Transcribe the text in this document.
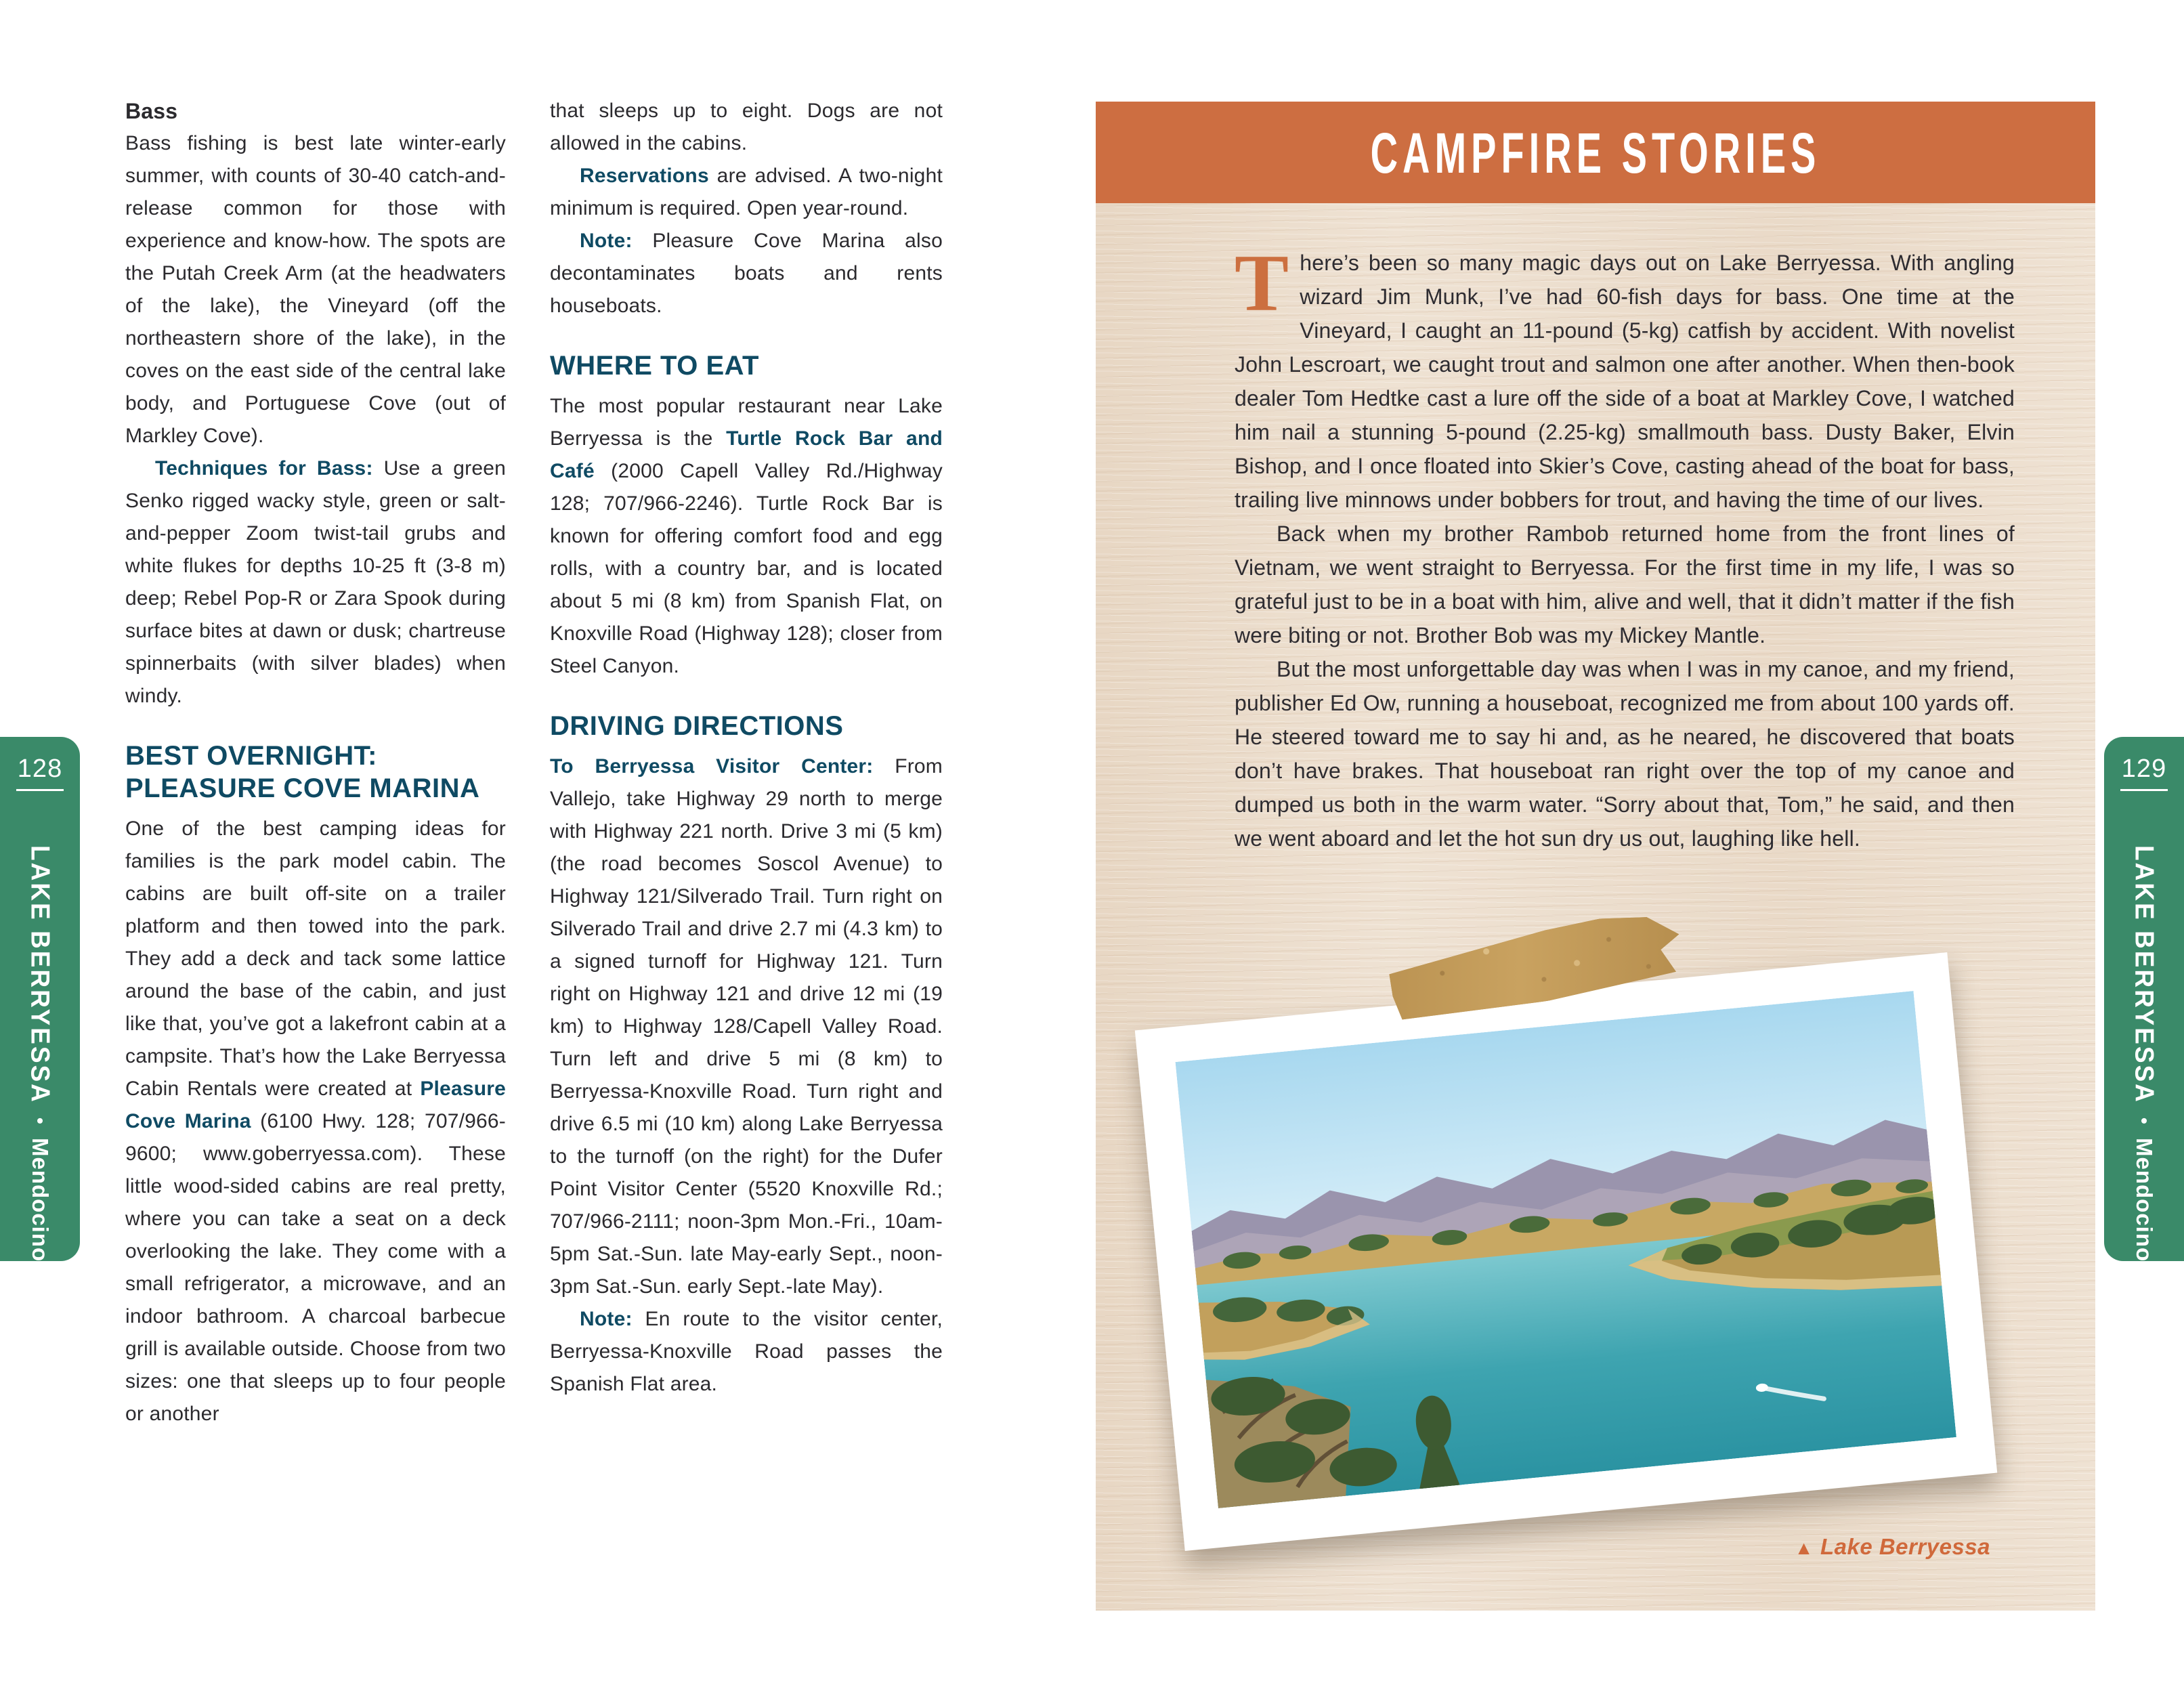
128
LAKE BERRYESSA
•
Mendocino
129
LAKE BERRYESSA
•
Mendocino
Bass

Bass fishing is best late winter-early summer, with counts of 30-40 catch-and-release common for those with experience and know-how. The spots are the Putah Creek Arm (at the headwaters of the lake), the Vineyard (off the northeastern shore of the lake), in the coves on the east side of the central lake body, and Portuguese Cove (out of Markley Cove).

Techniques for Bass: Use a green Senko rigged wacky style, green or salt-and-pepper Zoom twist-tail grubs and white flukes for depths 10-25 ft (3-8 m) deep; Rebel Pop-R or Zara Spook during surface bites at dawn or dusk; chartreuse spinnerbaits (with silver blades) when windy.

BEST OVERNIGHT: PLEASURE COVE MARINA

One of the best camping ideas for families is the park model cabin. The cabins are built off-site on a trailer platform and then towed into the park. They add a deck and tack some lattice around the base of the cabin, and just like that, you’ve got a lakefront cabin at a campsite. That’s how the Lake Berryessa Cabin Rentals were created at Pleasure Cove Marina (6100 Hwy. 128; 707/966-9600; www.goberryessa.com). These little wood-sided cabins are real pretty, where you can take a seat on a deck overlooking the lake. They come with a small refrigerator, a microwave, and an indoor bathroom. A charcoal barbecue grill is available outside. Choose from two sizes: one that sleeps up to four people or another

that sleeps up to eight. Dogs are not allowed in the cabins.

Reservations are advised. A two-night minimum is required. Open year-round.

Note: Pleasure Cove Marina also decontaminates boats and rents houseboats.

WHERE TO EAT

The most popular restaurant near Lake Berryessa is the Turtle Rock Bar and Café (2000 Capell Valley Rd./Highway 128; 707/966-2246). Turtle Rock Bar is known for offering comfort food and egg rolls, with a country bar, and is located about 5 mi (8 km) from Spanish Flat, on Knoxville Road (Highway 128); closer from Steel Canyon.

DRIVING DIRECTIONS

To Berryessa Visitor Center: From Vallejo, take Highway 29 north to merge with Highway 221 north. Drive 3 mi (5 km) (the road becomes Soscol Avenue) to Highway 121/Silverado Trail. Turn right on Silverado Trail and drive 2.7 mi (4.3 km) to a signed turnoff for Highway 121. Turn right on Highway 121 and drive 12 mi (19 km) to Highway 128/Capell Valley Road. Turn left and drive 5 mi (8 km) to Berryessa-Knoxville Road. Turn right and drive 6.5 mi (10 km) along Lake Berryessa to the turnoff (on the right) for the Dufer Point Visitor Center (5520 Knoxville Rd.; 707/966-2111; noon-3pm Mon.-Fri., 10am-5pm Sat.-Sun. late May-early Sept., noon-3pm Sat.-Sun. early Sept.-late May).

Note: En route to the visitor center, Berryessa-Knoxville Road passes the Spanish Flat area.

CAMPFIRE STORIES

There’s been so many magic days out on Lake Berryessa. With angling wizard Jim Munk, I’ve had 60-fish days for bass. One time at the Vineyard, I caught an 11-pound (5-kg) catfish by accident. With novelist John Lescroart, we caught trout and salmon one after another. When then-book dealer Tom Hedtke cast a lure off the side of a boat at Markley Cove, I watched him nail a stunning 5-pound (2.25-kg) smallmouth bass. Dusty Baker, Elvin Bishop, and I once floated into Skier’s Cove, casting ahead of the boat for bass, trailing live minnows under bobbers for trout, and having the time of our lives.

Back when my brother Rambob returned home from the front lines of Vietnam, we went straight to Berryessa. For the first time in my life, I was so grateful just to be in a boat with him, alive and well, that it didn’t matter if the fish were biting or not. Brother Bob was my Mickey Mantle.

But the most unforgettable day was when I was in my canoe, and my friend, publisher Ed Ow, running a houseboat, recognized me from about 100 yards off. He steered toward me to say hi and, as he neared, he discovered that boats don’t have brakes. That houseboat ran right over the top of my canoe and dumped us both in the warm water. “Sorry about that, Tom,” he said, and then we went aboard and let the hot sun dry us out, laughing like hell.

▲ Lake Berryessa
